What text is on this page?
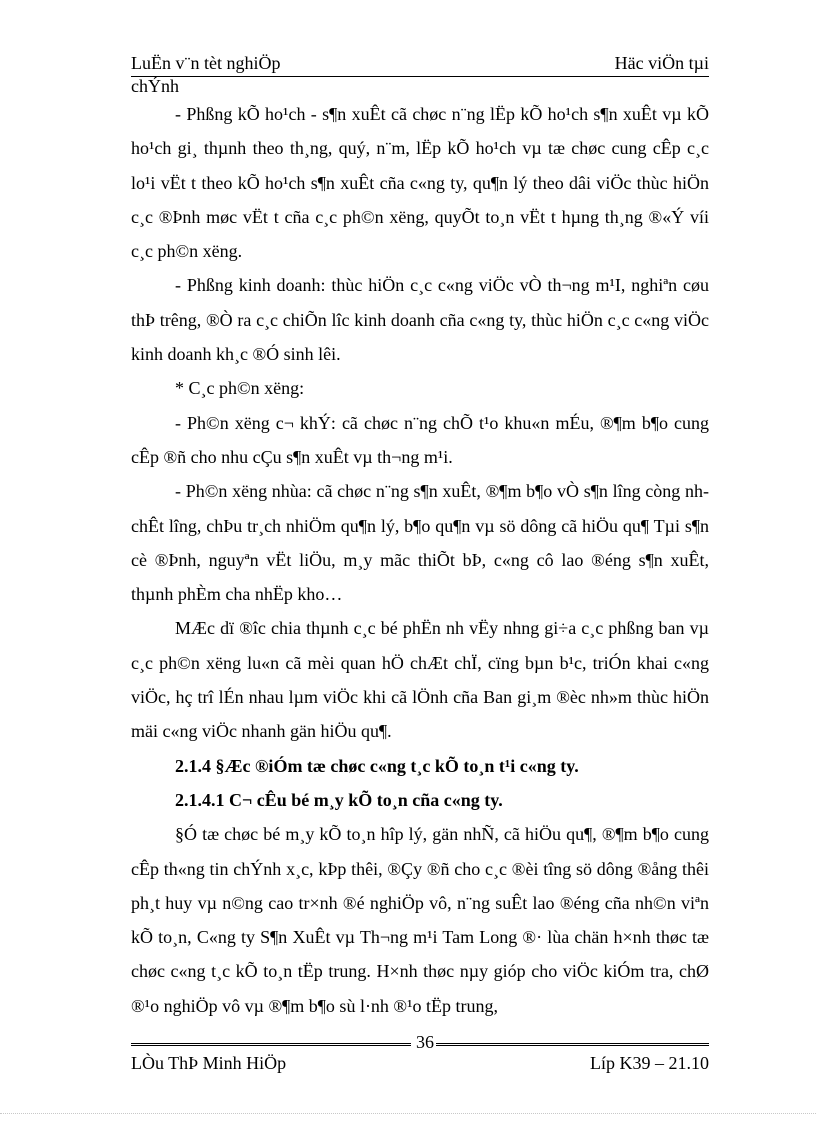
LuËn v¨n tèt nghiÖp	Häc viÖn tµi
chÝnh

- Phßng kÕ ho¹ch - s¶n xuÊt cã chøc n¨ng lËp kÕ ho¹ch s¶n xuÊt vµ kÕ ho¹ch gi¸ thµnh theo th¸ng, quý, n¨m, lËp kÕ ho¹ch vµ tæ chøc cung cÊp c¸c lo¹i vËt t theo kÕ ho¹ch s¶n xuÊt cña c«ng ty, qu¶n lý theo dâi viÖc thùc hiÖn c¸c ®Þnh møc vËt t cña c¸c ph©n xëng, quyÕt to¸n vËt t hµng th¸ng ®«Ý víi c¸c ph©n xëng.

- Phßng kinh doanh: thùc hiÖn c¸c c«ng viÖc vÒ th¬ng m¹I, nghiªn cøu thÞ trêng, ®Ò ra c¸c chiÕn lîc kinh doanh cña c«ng ty, thùc hiÖn c¸c c«ng viÖc kinh doanh kh¸c ®Ó sinh lêi.

* C¸c ph©n xëng:

- Ph©n xëng c¬ khÝ: cã chøc n¨ng chÕ t¹o khu«n mÉu, ®¶m b¶o cung cÊp ®ñ cho nhu cÇu s¶n xuÊt vµ th¬ng m¹i.

- Ph©n xëng nhùa: cã chøc n¨ng s¶n xuÊt, ®¶m b¶o vÒ s¶n lîng còng nh chÊt lîng, chÞu tr¸ch nhiÖm qu¶n lý, b¶o qu¶n vµ sö dông cã hiÖu qu¶ Tµi s¶n cè ®Þnh, nguyªn vËt liÖu, m¸y mãc thiÕt bÞ, c«ng cô lao ®éng s¶n xuÊt, thµnh phÈm cha nhËp kho…

MÆc dï ®îc chia thµnh c¸c bé phËn nh vËy nhng gi÷a c¸c phßng ban vµ c¸c ph©n xëng lu«n cã mèi quan hÖ chÆt chÏ, cïng bµn b¹c, triÓn khai c«ng viÖc, hç trî lÉn nhau lµm viÖc khi cã lÖnh cña Ban gi¸m ®èc nh»m thùc hiÖn mäi c«ng viÖc nhanh gän hiÖu qu¶.

2.1.4 §Æc ®iÓm tæ chøc c«ng t¸c kÕ to¸n t¹i c«ng ty.

2.1.4.1 C¬ cÊu bé m¸y kÕ to¸n cña c«ng ty.

§Ó tæ chøc bé m¸y kÕ to¸n hîp lý, gän nhÑ, cã hiÖu qu¶, ®¶m b¶o cung cÊp th«ng tin chÝnh x¸c, kÞp thêi, ®Çy ®ñ cho c¸c ®èi tîng sö dông ®ång thêi ph¸t huy vµ n©ng cao tr×nh ®é nghiÖp vô, n¨ng suÊt lao ®éng cña nh©n viªn kÕ to¸n, C«ng ty S¶n XuÊt vµ Th¬ng m¹i Tam Long ®· lùa chän h×nh thøc tæ chøc c«ng t¸c kÕ to¸n tËp trung. H×nh thøc nµy gióp cho viÖc kiÓm tra, chØ ®¹o nghiÖp vô vµ ®¶m b¶o sù l·nh ®¹o tËp trung,

36
LÒu ThÞ Minh HiÖp	Líp K39 – 21.10
